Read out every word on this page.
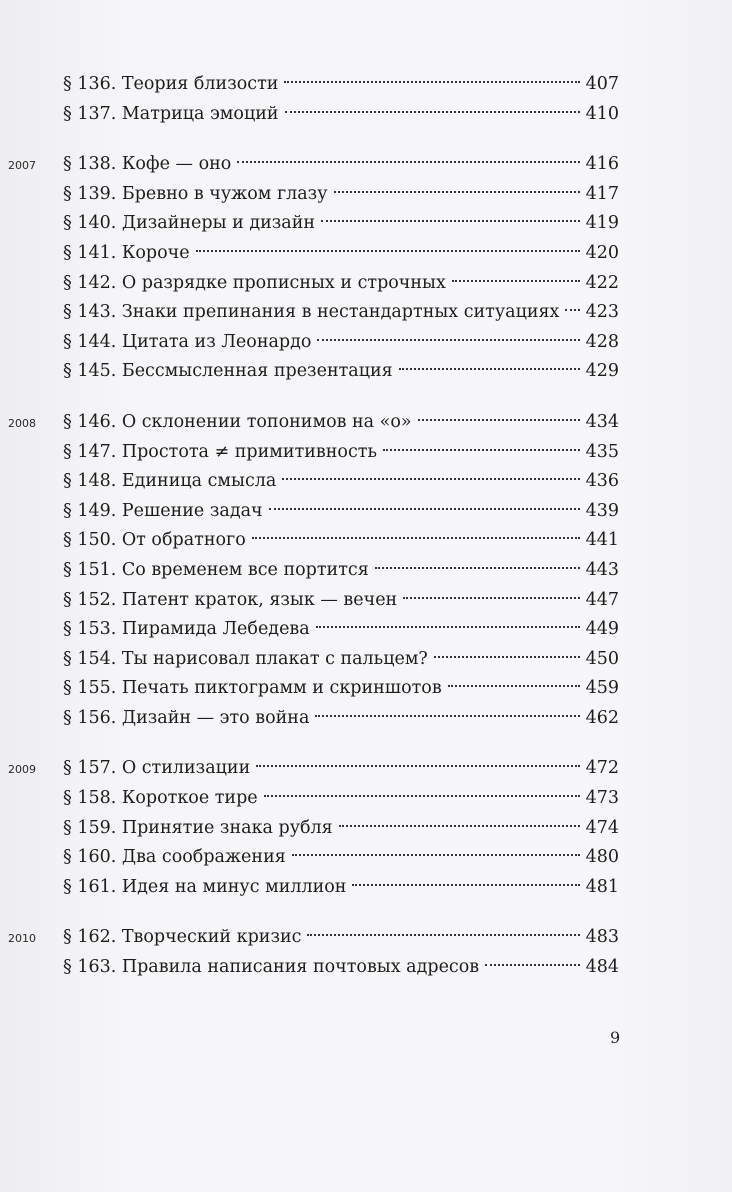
§ 136. Теория близости	407
§ 137. Матрица эмоций	410
2007 § 138. Кофе — оно	416
§ 139. Бревно в чужом глазу	417
§ 140. Дизайнеры и дизайн	419
§ 141. Короче	420
§ 142. О разрядке прописных и строчных	422
§ 143. Знаки препинания в нестандартных ситуациях	423
§ 144. Цитата из Леонардо	428
§ 145. Бессмысленная презентация	429
2008 § 146. О склонении топонимов на «о»	434
§ 147. Простота ≠ примитивность	435
§ 148. Единица смысла	436
§ 149. Решение задач	439
§ 150. От обратного	441
§ 151. Со временем все портится	443
§ 152. Патент краток, язык — вечен	447
§ 153. Пирамида Лебедева	449
§ 154. Ты нарисовал плакат с пальцем?	450
§ 155. Печать пиктограмм и скриншотов	459
§ 156. Дизайн — это война	462
2009 § 157. О стилизации	472
§ 158. Короткое тире	473
§ 159. Принятие знака рубля	474
§ 160. Два соображения	480
§ 161. Идея на минус миллион	481
2010 § 162. Творческий кризис	483
§ 163. Правила написания почтовых адресов	484
9
